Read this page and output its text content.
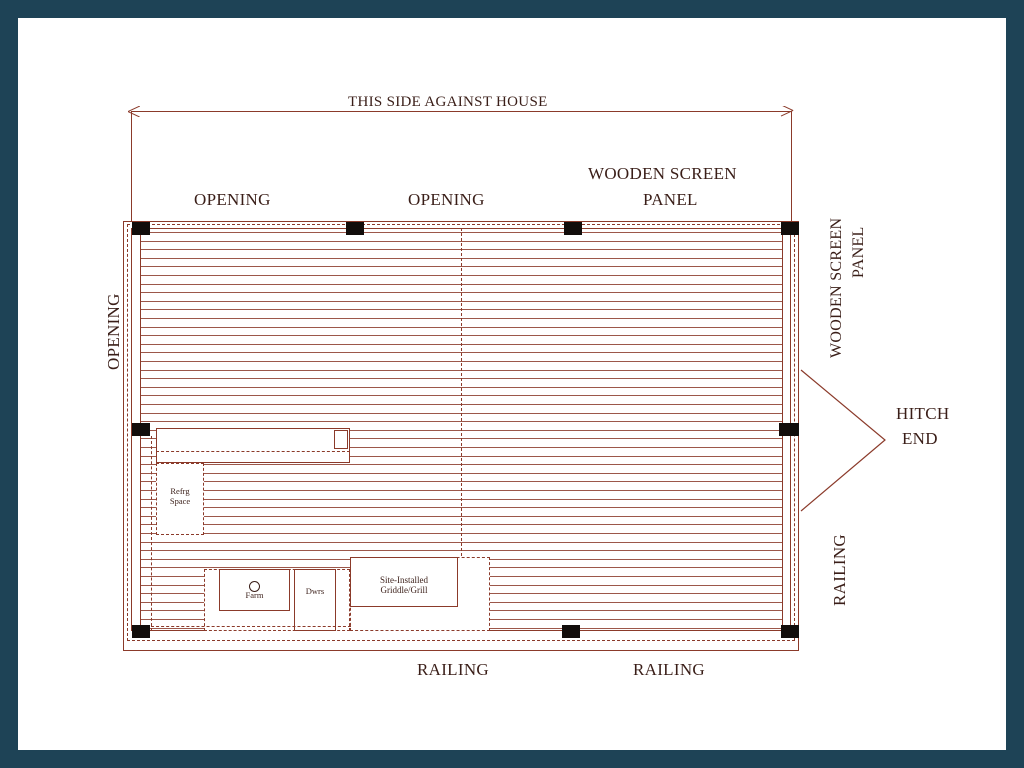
THIS SIDE AGAINST HOUSE
OPENING	OPENING
WOODEN SCREEN
PANEL
WOODEN SCREEN PANEL
OPENING
RAILING
RAILING	RAILING
HITCH
END
Refrg
Space
Farm	Dwrs
Site-Installed
Griddle/Grill
